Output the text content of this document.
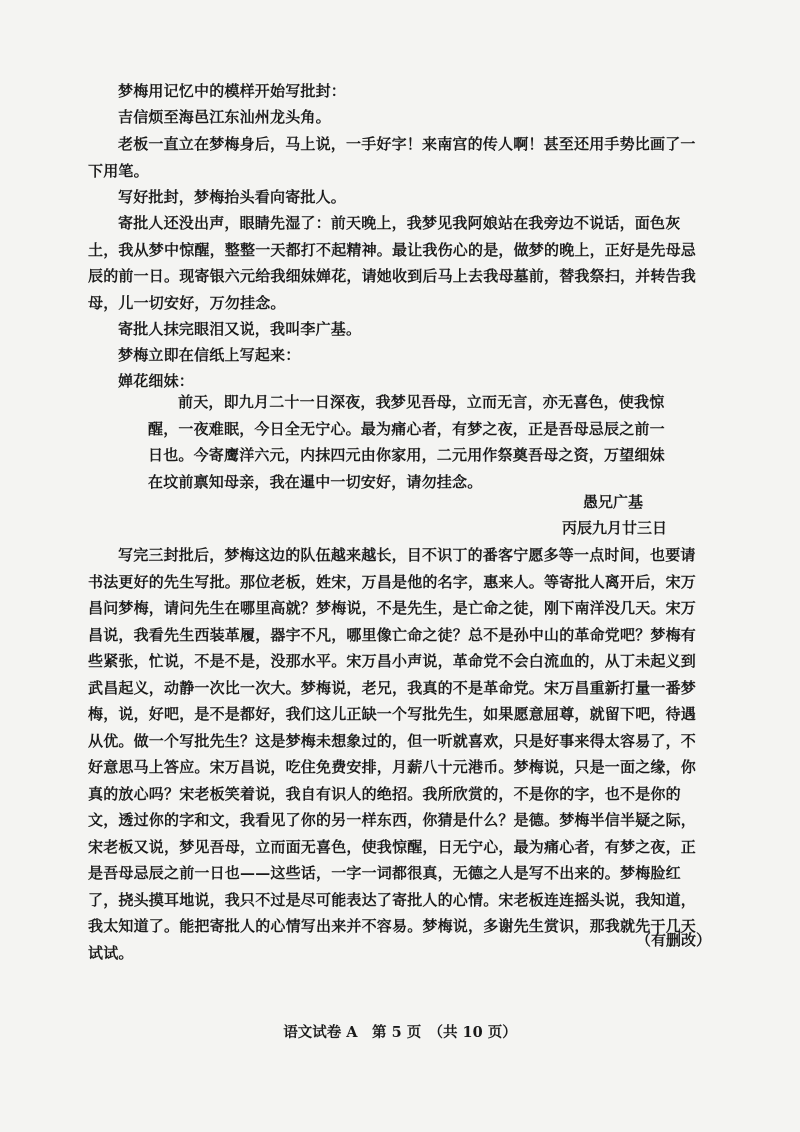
梦梅用记忆中的模样开始写批封：

吉信烦至海邑江东汕州龙头角。

老板一直立在梦梅身后，马上说，一手好字！来南宫的传人啊！甚至还用手势比画了一下用笔。

写好批封，梦梅抬头看向寄批人。

寄批人还没出声，眼睛先湿了：前天晚上，我梦见我阿娘站在我旁边不说话，面色灰土，我从梦中惊醒，整整一天都打不起精神。最让我伤心的是，做梦的晚上，正好是先母忌辰的前一日。现寄银六元给我细妹婵花，请她收到后马上去我母墓前，替我祭扫，并转告我母，儿一切安好，万勿挂念。

寄批人抹完眼泪又说，我叫李广基。

梦梅立即在信纸上写起来：

婵花细妹：

前天，即九月二十一日深夜，我梦见吾母，立而无言，亦无喜色，使我惊醒，一夜难眠，今日全无宁心。最为痛心者，有梦之夜，正是吾母忌辰之前一日也。今寄鹰洋六元，内抹四元由你家用，二元用作祭奠吾母之资，万望细妹在坟前禀知母亲，我在暹中一切安好，请勿挂念。

愚兄广基
丙辰九月廿三日

写完三封批后，梦梅这边的队伍越来越长，目不识丁的番客宁愿多等一点时间，也要请书法更好的先生写批。那位老板，姓宋，万昌是他的名字，惠来人。等寄批人离开后，宋万昌问梦梅，请问先生在哪里高就？梦梅说，不是先生，是亡命之徒，刚下南洋没几天。宋万昌说，我看先生西装革履，器宇不凡，哪里像亡命之徒？总不是孙中山的革命党吧？梦梅有些紧张，忙说，不是不是，没那水平。宋万昌小声说，革命党不会白流血的，从丁未起义到武昌起义，动静一次比一次大。梦梅说，老兄，我真的不是革命党。宋万昌重新打量一番梦梅，说，好吧，是不是都好，我们这儿正缺一个写批先生，如果愿意屈尊，就留下吧，待遇从优。做一个写批先生？这是梦梅未想象过的，但一听就喜欢，只是好事来得太容易了，不好意思马上答应。宋万昌说，吃住免费安排，月薪八十元港币。梦梅说，只是一面之缘，你真的放心吗？宋老板笑着说，我自有识人的绝招。我所欣赏的，不是你的字，也不是你的文，透过你的字和文，我看见了你的另一样东西，你猜是什么？是德。梦梅半信半疑之际，宋老板又说，梦见吾母，立而面无喜色，使我惊醒，日无宁心，最为痛心者，有梦之夜，正是吾母忌辰之前一日也——这些话，一字一词都很真，无德之人是写不出来的。梦梅脸红了，挠头摸耳地说，我只不过是尽可能表达了寄批人的心情。宋老板连连摇头说，我知道，我太知道了。能把寄批人的心情写出来并不容易。梦梅说，多谢先生赏识，那我就先干几天试试。

（有删改）
语文试卷 A　第 5 页　（共 10 页）
